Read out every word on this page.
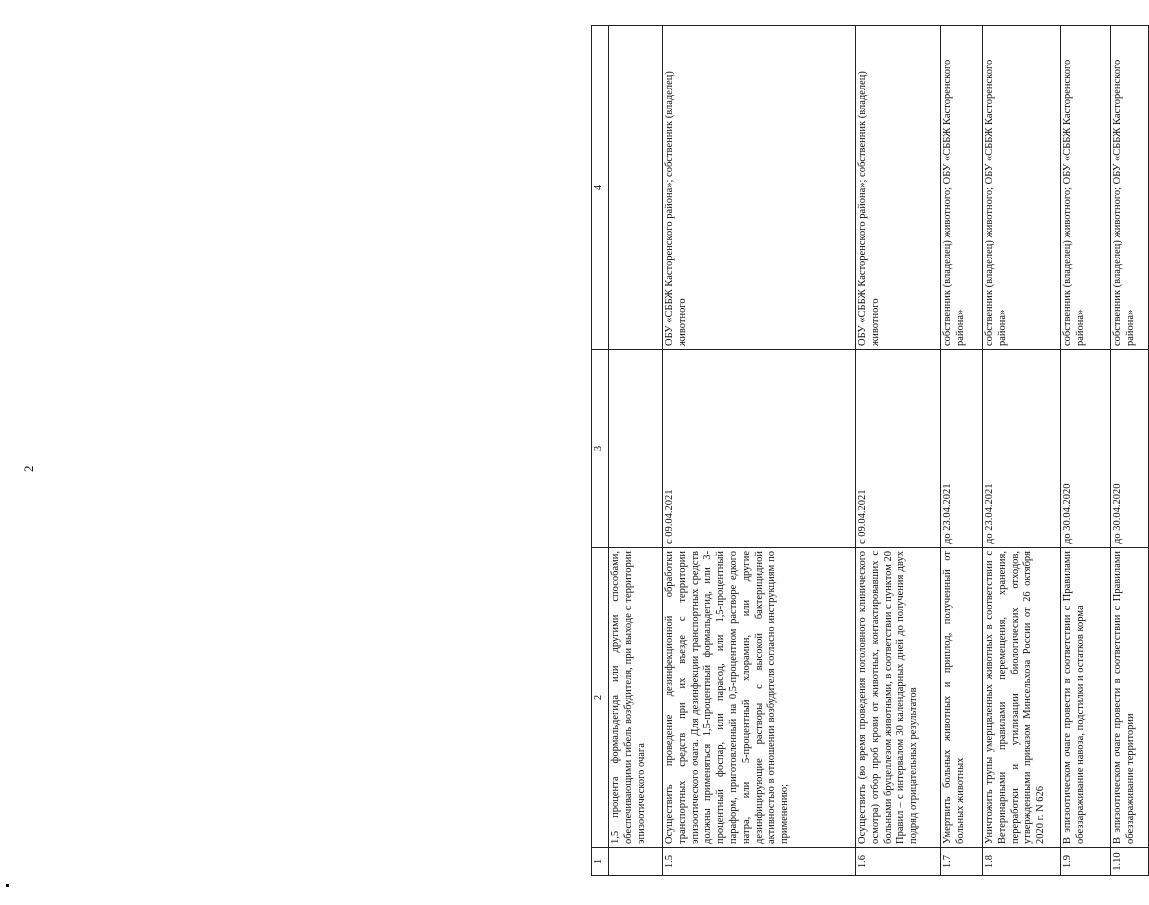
2
1	2	3	4
	1,5 процента формальдегида или другими способами, обеспечивающими гибель возбудителя, при выходе с территории эпизоотического очага		
1.5	Осуществить проведение дезинфекционной обработки транспортных средств при их въезде с территории эпизоотического очага. Для дезинфекции транспортных средств должны применяться 1,5-процентный формальдегид, или 3-процентный фоспар, или парасод, или 1,5-процентный параформ, приготовленный на 0,5-процентном растворе едкого натра, или 5-процентный хлорамин, или другие дезинфицирующие растворы с высокой бактерицидной активностью в отношении возбудителя согласно инструкциям по применению;	с 09.04.2021	ОБУ «СББЖ Касторенского района»; собственник (владелец) животного
1.6	Осуществить (во время проведения поголовного клинического осмотра) отбор проб крови от животных, контактировавших с больными бруцеллезом животными, в соответствии с пунктом 20 Правил – с интервалом 30 календарных дней до получения двух подряд отрицательных результатов	с 09.04.2021	ОБУ «СББЖ Касторенского района»; собственник (владелец) животного
1.7	Умертвить больных животных и приплод, полученный от больных животных	до 23.04.2021	собственник (владелец) животного; ОБУ «СББЖ Касторенского района»
1.8	Уничтожить трупы умерщвленных животных в соответствии с Ветеринарными правилами перемещения, хранения, переработки и утилизации биологических отходов, утвержденными приказом Минсельхоза России от 26 октября 2020 г. N 626	до 23.04.2021	собственник (владелец) животного; ОБУ «СББЖ Касторенского района»
1.9	В эпизоотическом очаге провести в соответствии с Правилами обеззараживание навоза, подстилки и остатков корма	до 30.04.2020	собственник (владелец) животного; ОБУ «СББЖ Касторенского района»
1.10	В эпизоотическом очаге провести в соответствии с Правилами обеззараживание территории	до 30.04.2020	собственник (владелец) животного; ОБУ «СББЖ Касторенского района»
